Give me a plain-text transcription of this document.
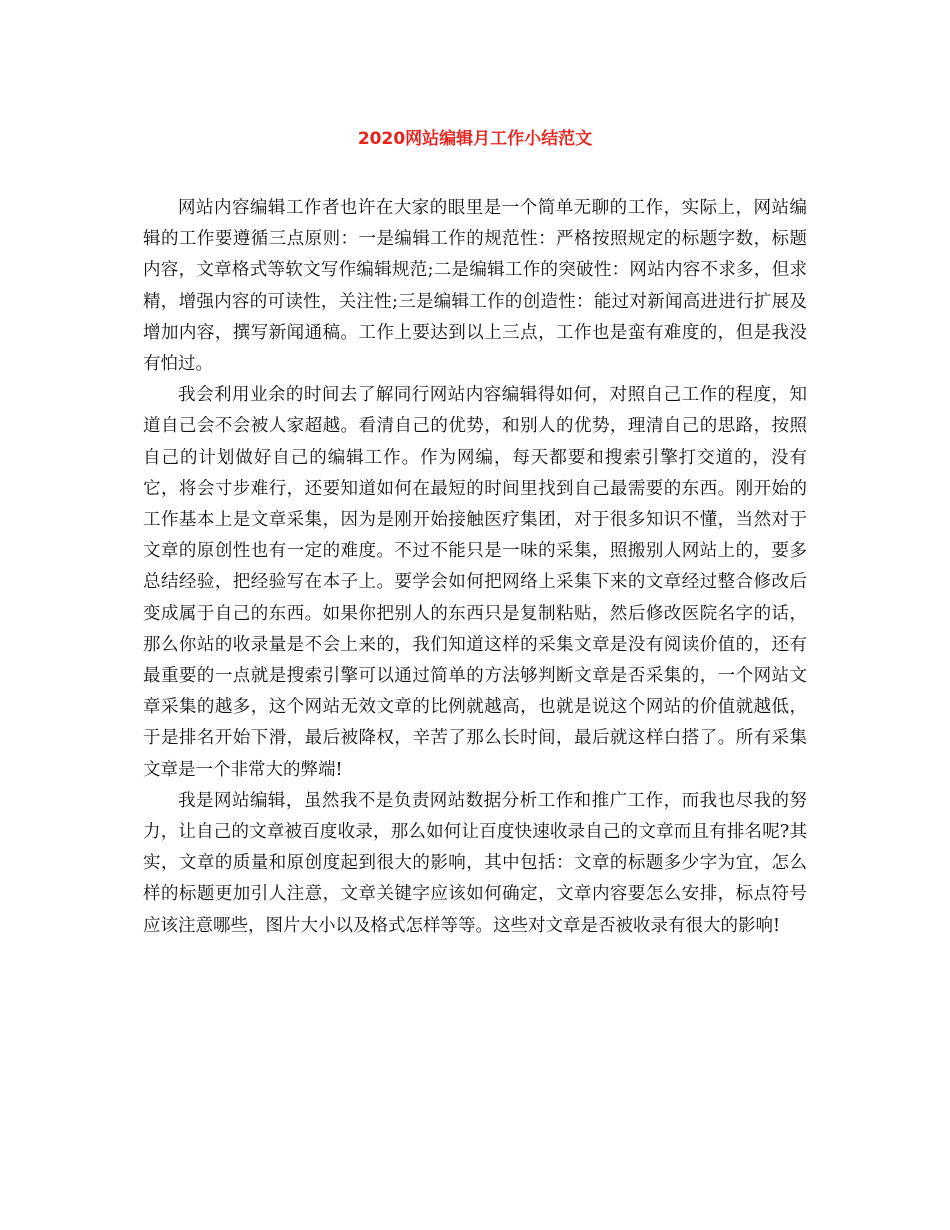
2020网站编辑月工作小结范文

网站内容编辑工作者也许在大家的眼里是一个简单无聊的工作，实际上，网站编辑的工作要遵循三点原则：一是编辑工作的规范性：严格按照规定的标题字数，标题内容，文章格式等软文写作编辑规范;二是编辑工作的突破性：网站内容不求多，但求精，增强内容的可读性，关注性;三是编辑工作的创造性：能过对新闻高进进行扩展及增加内容，撰写新闻通稿。工作上要达到以上三点，工作也是蛮有难度的，但是我没有怕过。

我会利用业余的时间去了解同行网站内容编辑得如何，对照自己工作的程度，知道自己会不会被人家超越。看清自己的优势，和别人的优势，理清自己的思路，按照自己的计划做好自己的编辑工作。作为网编，每天都要和搜索引擎打交道的，没有它，将会寸步难行，还要知道如何在最短的时间里找到自己最需要的东西。刚开始的工作基本上是文章采集，因为是刚开始接触医疗集团，对于很多知识不懂，当然对于文章的原创性也有一定的难度。不过不能只是一味的采集，照搬别人网站上的，要多总结经验，把经验写在本子上。要学会如何把网络上采集下来的文章经过整合修改后变成属于自己的东西。如果你把别人的东西只是复制粘贴，然后修改医院名字的话，那么你站的收录量是不会上来的，我们知道这样的采集文章是没有阅读价值的，还有最重要的一点就是搜索引擎可以通过简单的方法够判断文章是否采集的，一个网站文章采集的越多，这个网站无效文章的比例就越高，也就是说这个网站的价值就越低，于是排名开始下滑，最后被降权，辛苦了那么长时间，最后就这样白搭了。所有采集文章是一个非常大的弊端!

我是网站编辑，虽然我不是负责网站数据分析工作和推广工作，而我也尽我的努力，让自己的文章被百度收录，那么如何让百度快速收录自己的文章而且有排名呢?其实，文章的质量和原创度起到很大的影响，其中包括：文章的标题多少字为宜，怎么样的标题更加引人注意，文章关键字应该如何确定，文章内容要怎么安排，标点符号应该注意哪些，图片大小以及格式怎样等等。这些对文章是否被收录有很大的影响!
